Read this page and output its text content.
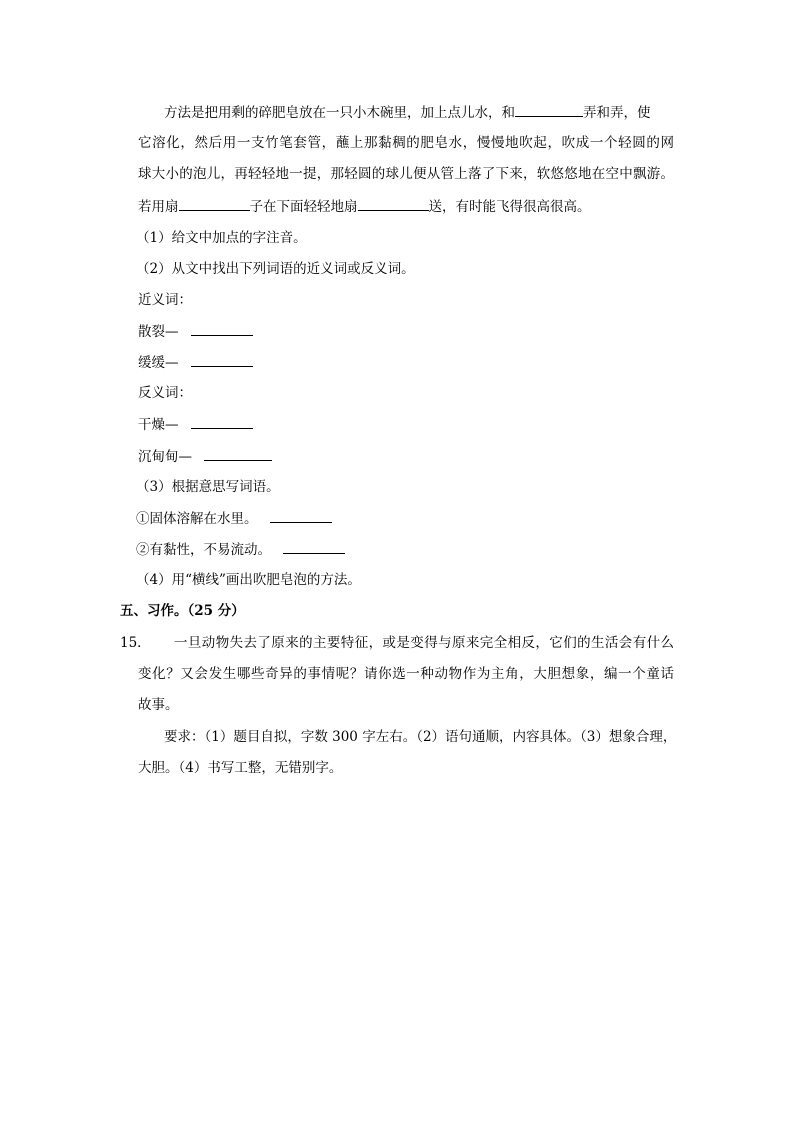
方法是把用剩的碎肥皂放在一只小木碗里，加上点儿水，和	弄和弄，使
它溶化，然后用一支竹笔套管，蘸上那黏稠的肥皂水，慢慢地吹起，吹成一个轻圆的网
球大小的泡儿，再轻轻地一提，那轻圆的球儿便从管上落了下来，软悠悠地在空中飘游。
若用扇	子在下面轻轻地扇	送，有时能飞得很高很高。
（1）给文中加点的字注音。
（2）从文中找出下列词语的近义词或反义词。
近义词：
散裂—
缓缓—
反义词：
干燥—
沉甸甸—
（3）根据意思写词语。
①固体溶解在水里。
②有黏性，不易流动。
（4）用“横线”画出吹肥皂泡的方法。
五、习作。（25 分）
15． 一旦动物失去了原来的主要特征，或是变得与原来完全相反，它们的生活会有什么
变化？又会发生哪些奇异的事情呢？请你选一种动物作为主角，大胆想象，编一个童话
故事。
要求：（1）题目自拟，字数 300 字左右。（2）语句通顺，内容具体。（3）想象合理，
大胆。（4）书写工整，无错别字。
